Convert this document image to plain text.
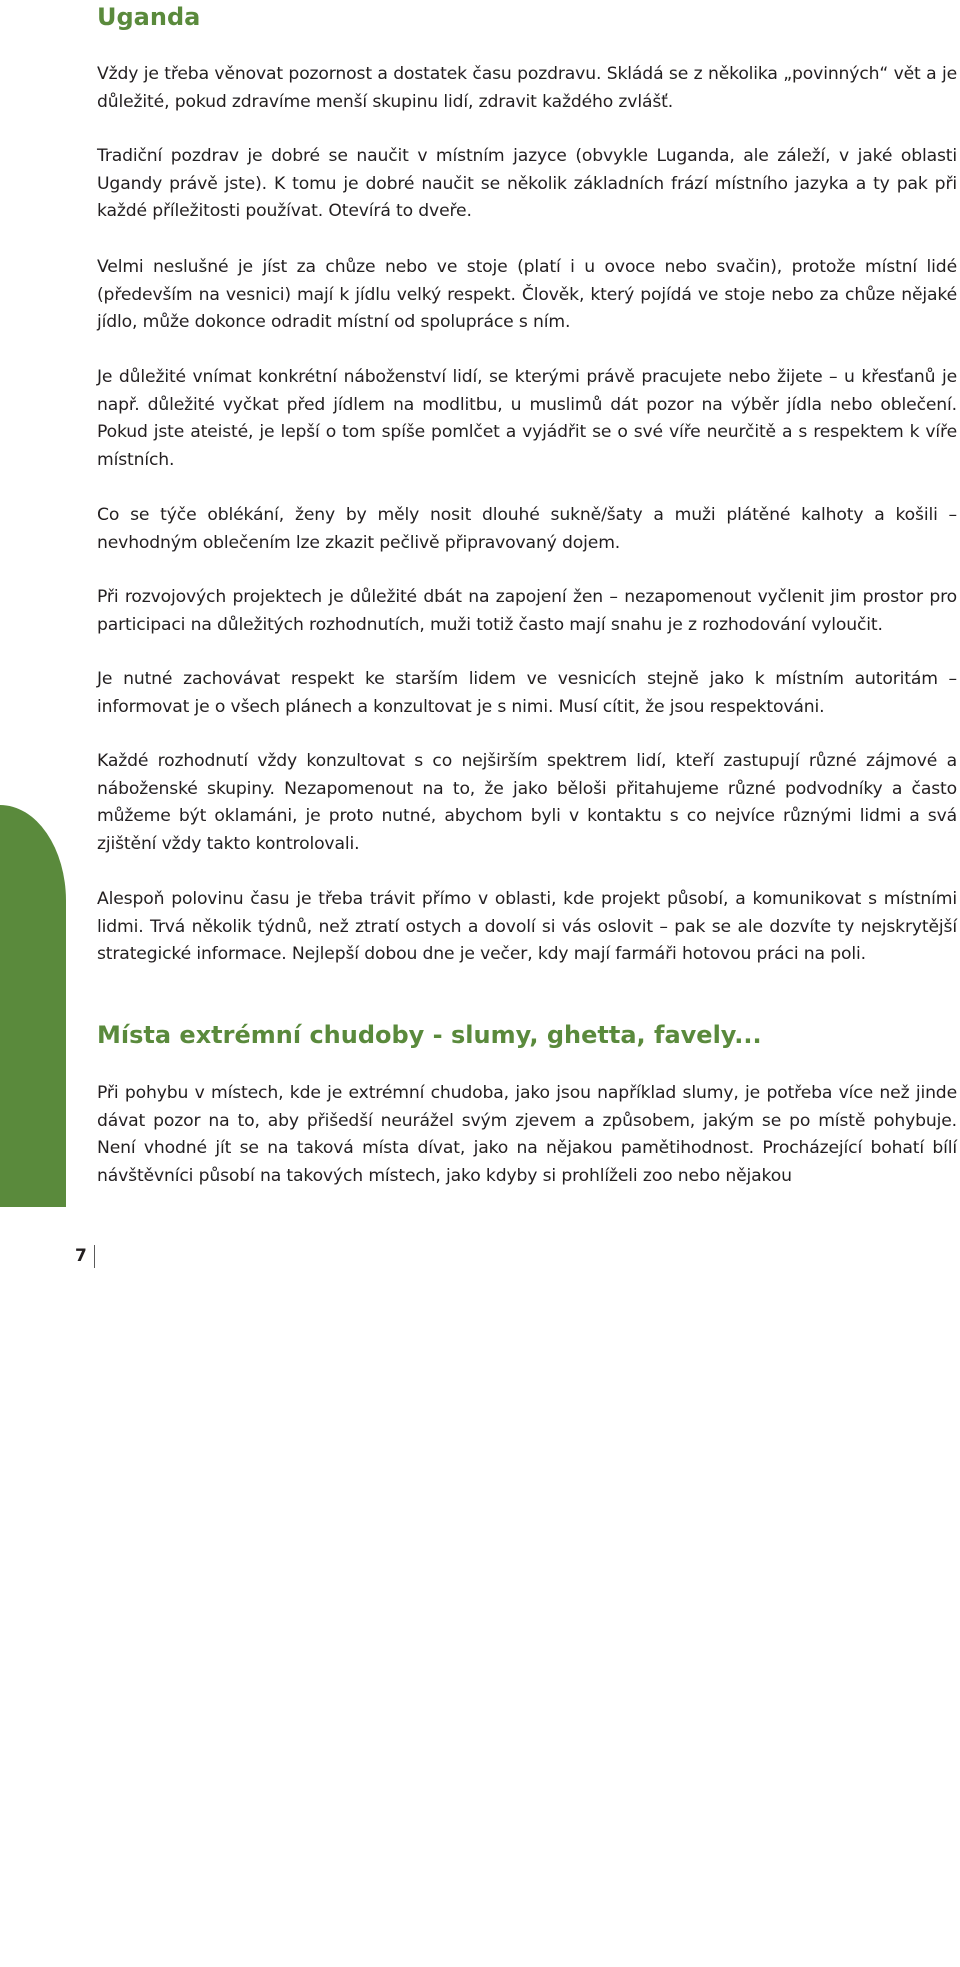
předcházet nedorozumění v komunikaci
Uganda

Vždy je třeba věnovat pozornost a dostatek času pozdravu. Skládá se z několika „povinných“ vět a je důležité, pokud zdravíme menší skupinu lidí, zdravit každého zvlášť.

Tradiční pozdrav je dobré se naučit v místním jazyce (obvykle Luganda, ale záleží, v jaké oblasti Ugandy právě jste). K tomu je dobré naučit se několik základních frází místního jazyka a ty pak při každé příležitosti používat. Otevírá to dveře.

Velmi neslušné je jíst za chůze nebo ve stoje (platí i u ovoce nebo svačin), protože místní lidé (především na vesnici) mají k jídlu velký respekt. Člověk, který pojídá ve stoje nebo za chůze nějaké jídlo, může dokonce odradit místní od spolupráce s ním.

Je důležité vnímat konkrétní náboženství lidí, se kterými právě pracujete nebo žijete – u křesťanů je např. důležité vyčkat před jídlem na modlitbu, u muslimů dát pozor na výběr jídla nebo oblečení. Pokud jste ateisté, je lepší o tom spíše pomlčet a vyjádřit se o své víře neurčitě a s respektem k víře místních.

Co se týče oblékání, ženy by měly nosit dlouhé sukně/šaty a muži plátěné kalhoty a košili – nevhodným oblečením lze zkazit pečlivě připravovaný dojem.

Při rozvojových projektech je důležité dbát na zapojení žen – nezapomenout vyčlenit jim prostor pro participaci na důležitých rozhodnutích, muži totiž často mají snahu je z rozhodování vyloučit.

Je nutné zachovávat respekt ke starším lidem ve vesnicích stejně jako k místním autoritám – informovat je o všech plánech a konzultovat je s nimi. Musí cítit, že jsou respektováni.

Každé rozhodnutí vždy konzultovat s co nejširším spektrem lidí, kteří zastupují různé zájmové a náboženské skupiny. Nezapomenout na to, že jako běloši přitahujeme různé podvodníky a často můžeme být oklamáni, je proto nutné, abychom byli v kontaktu s co nejvíce různými lidmi a svá zjištění vždy takto kontrolovali.

Alespoň polovinu času je třeba trávit přímo v oblasti, kde projekt působí, a komunikovat s místními lidmi. Trvá několik týdnů, než ztratí ostych a dovolí si vás oslovit – pak se ale dozvíte ty nejskrytější strategické informace. Nejlepší dobou dne je večer, kdy mají farmáři hotovou práci na poli.

Místa extrémní chudoby - slumy, ghetta, favely...

Při pohybu v místech, kde je extrémní chudoba, jako jsou například slumy, je potřeba více než jinde dávat pozor na to, aby přišedší neurážel svým zjevem a způsobem, jakým se po místě pohybuje. Není vhodné jít se na taková místa dívat, jako na nějakou pamětihodnost. Procházející bohatí bílí návštěvníci působí na takových místech, jako kdyby si prohlíželi zoo nebo nějakou

7
